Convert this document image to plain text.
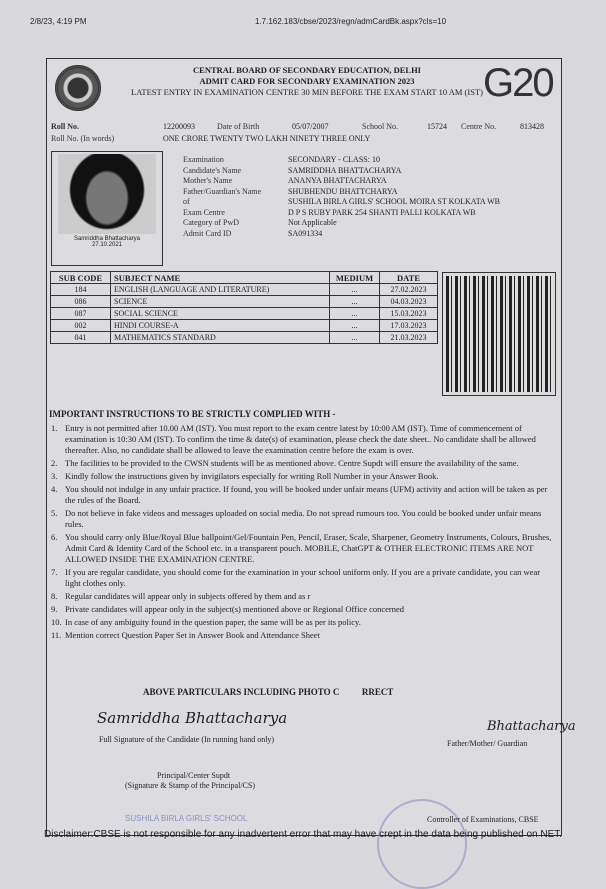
2/8/23, 4:19 PM	1.7.162.183/cbse/2023/regn/admCardBk.aspx?cls=10
CENTRAL BOARD OF SECONDARY EDUCATION, DELHI
ADMIT CARD FOR SECONDARY EXAMINATION 2023
LATEST ENTRY IN EXAMINATION CENTRE 30 MIN BEFORE THE EXAM START 10 AM (IST) G20
Roll No.	12200093	Date of Birth	05/07/2007	School No.	15724 Centre No.	813428
Roll No. (In words)	ONE CRORE TWENTY TWO LAKH NINETY THREE ONLY
Samriddha Bhattacharya
27.10.2021
Examination	SECONDARY - CLASS: 10
Candidate's Name	SAMRIDDHA BHATTACHARYA
Mother's Name	ANANYA BHATTACHARYA
Father/Guardian's Name	SHUBHENDU BHATTCHARYA
of	SUSHILA BIRLA GIRLS' SCHOOL MOIRA ST KOLKATA WB
Exam Centre	D P S RUBY PARK 254 SHANTI PALLI KOLKATA WB
Category of PwD	Not Applicable
Admit Card ID	SA091334
SUB CODE	SUBJECT NAME	MEDIUM	DATE
184	ENGLISH (LANGUAGE AND LITERATURE)	...	27.02.2023
086	SCIENCE	...	04.03.2023
087	SOCIAL SCIENCE	...	15.03.2023
002	HINDI COURSE-A	...	17.03.2023
041	MATHEMATICS STANDARD	...	21.03.2023
IMPORTANT INSTRUCTIONS TO BE STRICTLY COMPLIED WITH -
1. Entry is not permitted after 10.00 AM (IST). You must report to the exam centre latest by 10:00 AM (IST). Time of commencement of examination is 10:30 AM (IST). To confirm the time & date(s) of examination, please check the date sheet.. No candidate shall be allowed thereafter. Also, no candidate shall be allowed to leave the examination centre before the exam is over.
2. The facilities to be provided to the CWSN students will be as mentioned above. Centre Supdt will ensure the availability of the same.
3. Kindly follow the instructions given by invigilators especially for writing Roll Number in your Answer Book.
4. You should not indulge in any unfair practice. If found, you will be booked under unfair means (UFM) activity and action will be taken as per the rules of the Board.
5. Do not believe in fake videos and messages uploaded on social media. Do not spread rumours too. You could be booked under unfair means rules.
6. You should carry only Blue/Royal Blue ballpoint/Gel/Fountain Pen, Pencil, Eraser, Scale, Sharpener, Geometry Instruments, Colours, Brushes, Admit Card & Identity Card of the School etc. in a transparent pouch. MOBILE, ChatGPT & OTHER ELECTRONIC ITEMS ARE NOT ALLOWED INSIDE THE EXAMINATION CENTRE.
7. If you are regular candidate, you should come for the examination in your school uniform only. If you are a private candidate, you can wear light clothes only.
8. Regular candidates will appear only in subjects offered by them and as r
9. Private candidates will appear only in the subject(s) mentioned above or Regional Office concerned
10. In case of any ambiguity found in the question paper, the same will be as per its policy.
11. Mention correct Question Paper Set in Answer Book and Attendance Sheet
ABOVE PARTICULARS INCLUDING PHOTO C          RRECT
Samriddha Bhattacharya
Full Signature of the Candidate (In running hand only)
Bhattacharya
Father/Mother/ Guardian
Principal/Center Supdt
(Signature & Stamp of the Principal/CS)
SUSHILA BIRLA GIRLS' SCHOOL	Controller of Examinations, CBSE
Disclaimer:CBSE is not responsible for any inadvertent error that may have crept in the data being published on NET.
